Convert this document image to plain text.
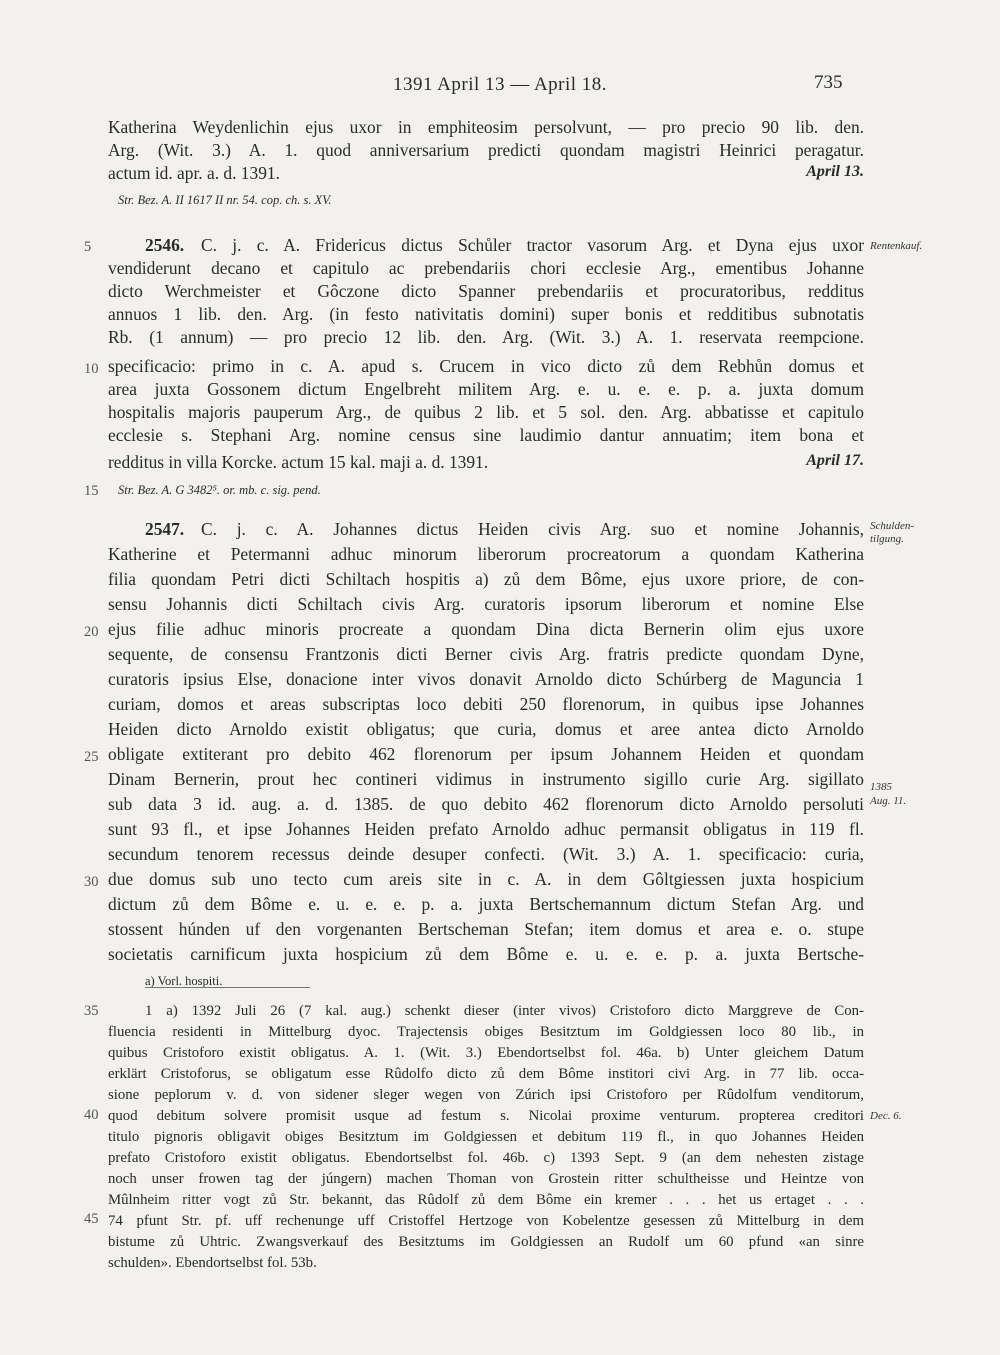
1391 April 13 — April 18.	735
Katherina Weydenlichin ejus uxor in emphiteosim persolvunt, — pro precio 90 lib. den.
Arg. (Wit. 3.) A. 1. quod anniversarium predicti quondam magistri Heinrici peragatur.
actum id. apr. a. d. 1391.	April 13.
Str. Bez. A. II 1617 II nr. 54. cop. ch. s. XV.
5	2546. C. j. c. A. Fridericus dictus Schůler tractor vasorum Arg. et Dyna ejus uxor Rentenkauf.
vendiderunt decano et capitulo ac prebendariis chori ecclesie Arg., ementibus Johanne
dicto Werchmeister et Gôczone dicto Spanner prebendariis et procuratoribus, redditus
annuos 1 lib. den. Arg. (in festo nativitatis domini) super bonis et redditibus subnotatis
Rb. (1 annum) — pro precio 12 lib. den. Arg. (Wit. 3.) A. 1. reservata reempcione.
10 specificacio: primo in c. A. apud s. Crucem in vico dicto zů dem Rebhůn domus et
area juxta Gossonem dictum Engelbreht militem Arg. e. u. e. e. p. a. juxta domum
hospitalis majoris pauperum Arg., de quibus 2 lib. et 5 sol. den. Arg. abbatisse et capitulo
ecclesie s. Stephani Arg. nomine census sine laudimio dantur annuatim; item bona et
redditus in villa Korcke. actum 15 kal. maji a. d. 1391.	April 17.
15	Str. Bez. A. G 3482⁵. or. mb. c. sig. pend.
2547. C. j. c. A. Johannes dictus Heiden civis Arg. suo et nomine Johannis, Schulden-
tilgung.
Katherine et Petermanni adhuc minorum liberorum procreatorum a quondam Katherina
filia quondam Petri dicti Schiltach hospitis a) zů dem Bôme, ejus uxore priore, de con-
sensu Johannis dicti Schiltach civis Arg. curatoris ipsorum liberorum et nomine Else
20 ejus filie adhuc minoris procreate a quondam Dina dicta Bernerin olim ejus uxore
sequente, de consensu Frantzonis dicti Berner civis Arg. fratris predicte quondam Dyne,
curatoris ipsius Else, donacione inter vivos donavit Arnoldo dicto Schúrberg de Maguncia 1
curiam, domos et areas subscriptas loco debiti 250 florenorum, in quibus ipse Johannes
Heiden dicto Arnoldo existit obligatus; que curia, domus et aree antea dicto Arnoldo
25 obligate extiterant pro debito 462 florenorum per ipsum Johannem Heiden et quondam
Dinam Bernerin, prout hec contineri vidimus in instrumento sigillo curie Arg. sigillato
sub data 3 id. aug. a. d. 1385. de quo debito 462 florenorum dicto Arnoldo persoluti
1385
Aug. 11.
sunt 93 fl., et ipse Johannes Heiden prefato Arnoldo adhuc permansit obligatus in 119 fl.
secundum tenorem recessus deinde desuper confecti. (Wit. 3.) A. 1. specificacio: curia,
30 due domus sub uno tecto cum areis site in c. A. in dem Gôltgiessen juxta hospicium
dictum zů dem Bôme e. u. e. e. p. a. juxta Bertschemannum dictum Stefan Arg. und
stossent húnden uf den vorgenanten Bertscheman Stefan; item domus et area e. o. stupe
societatis carnificum juxta hospicium zů dem Bôme e. u. e. e. p. a. juxta Bertsche-
a) Vorl. hospiti.
35	1 a) 1392 Juli 26 (7 kal. aug.) schenkt dieser (inter vivos) Cristoforo dicto Marggreve de Con-
fluencia residenti in Mittelburg dyoc. Trajectensis obiges Besitztum im Goldgiessen loco 80 lib., in
quibus Cristoforo existit obligatus. A. 1. (Wit. 3.) Ebendortselbst fol. 46a. b) Unter gleichem Datum
erklärt Cristoforus, se obligatum esse Rûdolfo dicto zů dem Bôme institori civi Arg. in 77 lib. occa-
sione peplorum v. d. von sidener sleger wegen von Zúrich ipsi Cristoforo per Rûdolfum venditorum,
40 quod debitum solvere promisit usque ad festum s. Nicolai proxime venturum. propterea creditori Dec. 6.
titulo pignoris obligavit obiges Besitztum im Goldgiessen et debitum 119 fl., in quo Johannes Heiden
prefato Cristoforo existit obligatus. Ebendortselbst fol. 46b. c) 1393 Sept. 9 (an dem nehesten zistage
noch unser frowen tag der júngern) machen Thoman von Grostein ritter schultheisse und Heintze von
Mûlnheim ritter vogt zů Str. bekannt, das Rûdolf zů dem Bôme ein kremer . . . het us ertaget . . .
45 74 pfunt Str. pf. uff rechenunge uff Cristoffel Hertzoge von Kobelentze gesessen zů Mittelburg in dem
bistume zů Uhtric. Zwangsverkauf des Besitztums im Goldgiessen an Rudolf um 60 pfund «an sinre
schulden». Ebendortselbst fol. 53b.
